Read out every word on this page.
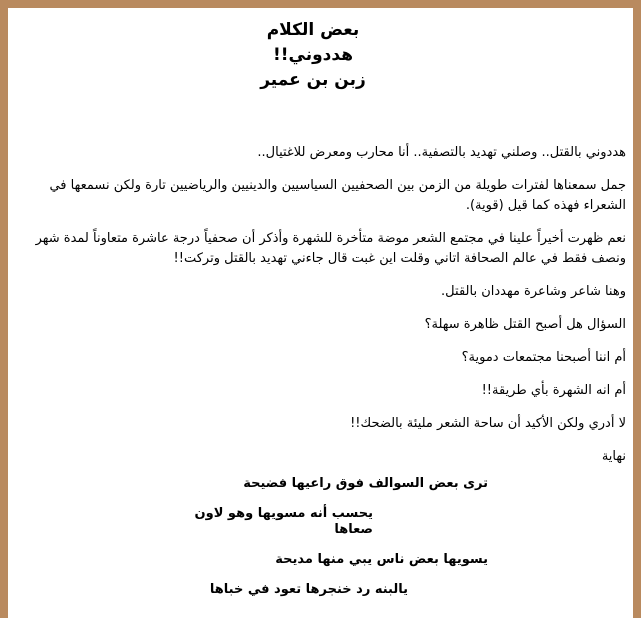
بعض الكلام
هددوني!!
زبن بن عمير
هددوني بالقتل.. وصلني تهديد بالتصفية.. أنا محارب ومعرض للاغتيال..
جمل سمعناها لفترات طويلة من الزمن بين الصحفيين السياسيين والدينيين والرياضيين تارة ولكن نسمعها في الشعراء فهذه كما قيل (قوية).
نعم ظهرت أخيراً علينا في مجتمع الشعر موضة متأخرة للشهرة وأذكر أن صحفياً درجة عاشرة متعاوناً لمدة شهر ونصف فقط في عالم الصحافة اتاني وقلت اين غبت قال جاءني تهديد بالقتل وتركت!!
وهنا شاعر وشاعرة مهددان بالقتل.
السؤال هل أصبح القتل ظاهرة سهلة؟
أم اننا أصبحنا مجتمعات دموية؟
أم انه الشهرة بأي طريقة!!
لا أدري ولكن الأكيد أن ساحة الشعر مليئة بالضحك!!
نهاية
ترى بعض السوالف فوق راعيها فضيحة
يحسب أنه مسويها وهو لاون صعاها
يسويها بعض ناس يبي منها مديحة
يالبنه رد خنجرها تعود في خباها
